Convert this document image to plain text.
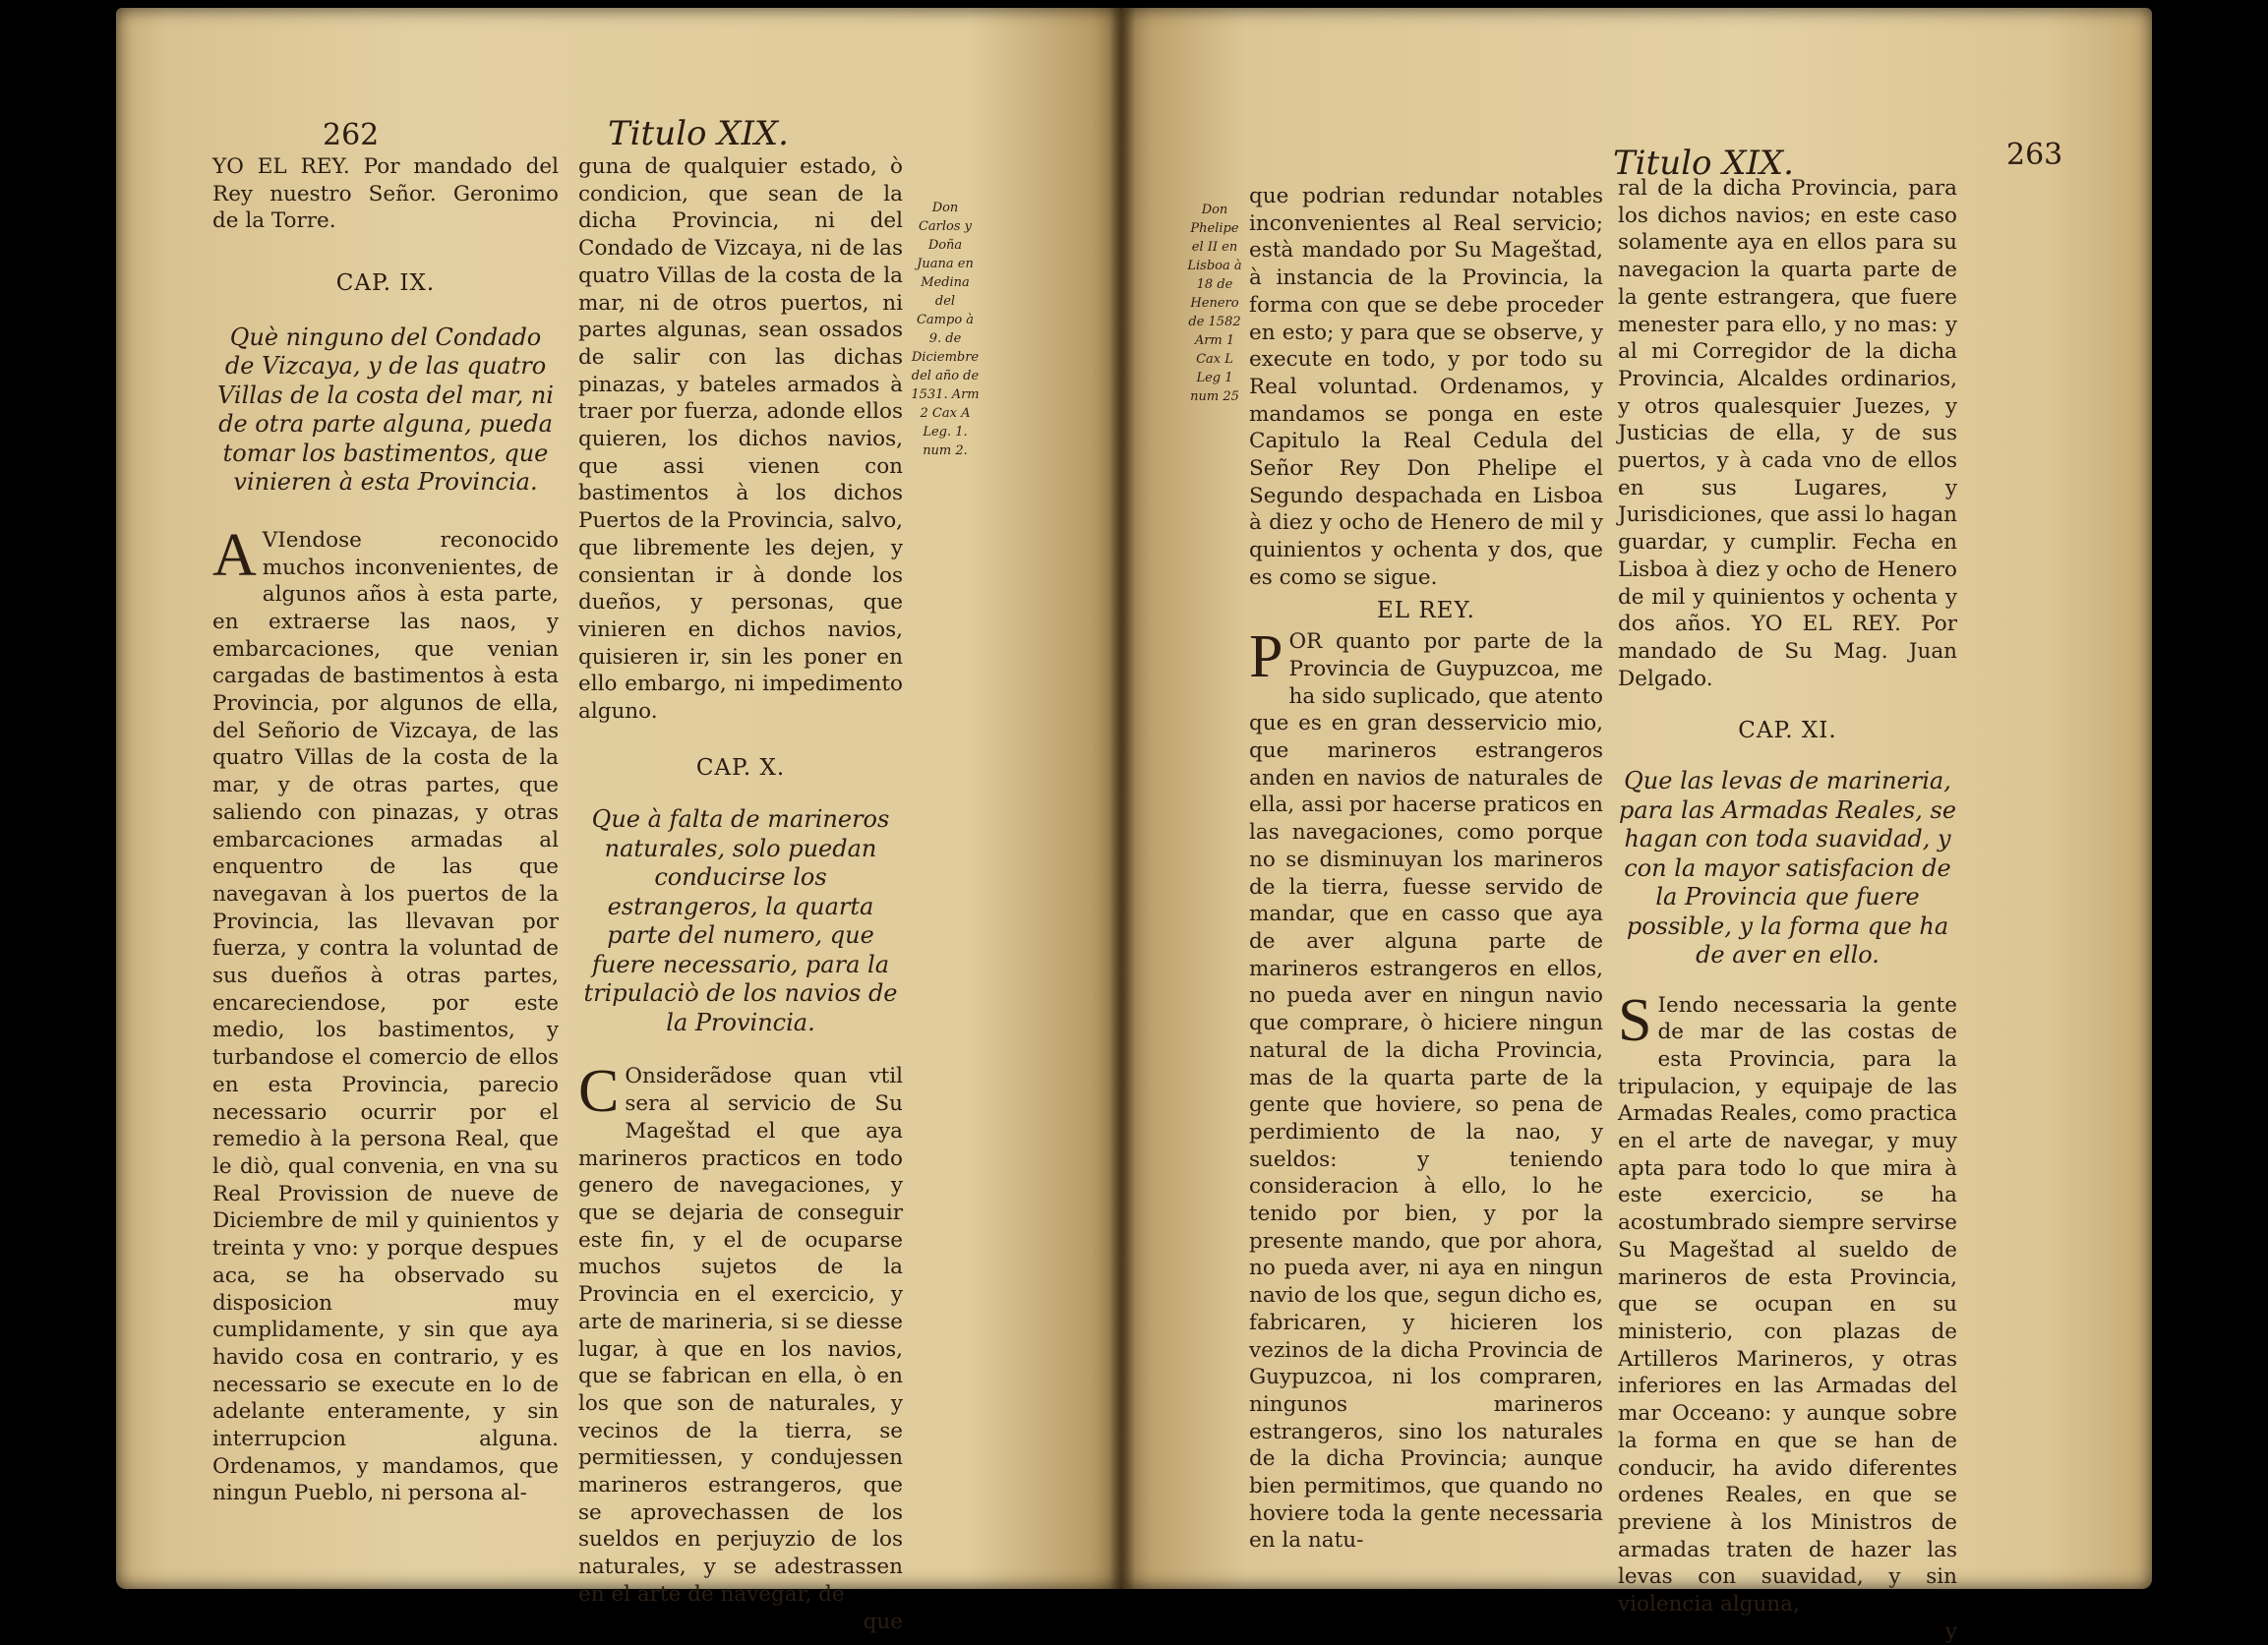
262	Titulo XIX.

YO EL REY. Por mandado del Rey nuestro Señor. Geronimo de la Torre.

CAP. IX.

Què ninguno del Condado de Vizcaya, y de las quatro Villas de la costa del mar, ni de otra parte alguna, pueda tomar los bastimentos, que vinieren à esta Provincia.

A VIendose reconocido muchos inconvenientes, de algunos años à esta parte, en extraerse las naos, y embarcaciones, que venian cargadas de bastimentos à esta Provincia, por algunos de ella, del Señorio de Vizcaya, de las quatro Villas de la costa de la mar, y de otras partes, que saliendo con pinazas, y otras embarcaciones armadas al enquentro de las que navegavan à los puertos de la Provincia, las llevavan por fuerza, y contra la voluntad de sus dueños à otras partes, encareciendose, por este medio, los bastimentos, y turbandose el comercio de ellos en esta Provincia, parecio necessario ocurrir por el remedio à la persona Real, que le diò, qual convenia, en vna su Real Provission de nueve de Diciembre de mil y quinientos y treinta y vno: y porque despues aca, se ha observado su disposicion muy cumplidamente, y sin que aya havido cosa en contrario, y es necessario se execute en lo de adelante enteramente, y sin interrupcion alguna. Ordenamos, y mandamos, que ningun Pueblo, ni persona al-

guna de qualquier estado, ò condicion, que sean de la dicha Provincia, ni del Condado de Vizcaya, ni de las quatro Villas de la costa de la mar, ni de otros puertos, ni partes algunas, sean ossados de salir con las dichas pinazas, y bateles armados à traer por fuerza, adonde ellos quieren, los dichos navios, que assi vienen con bastimentos à los dichos Puertos de la Provincia, salvo, que libremente les dejen, y consientan ir à donde los dueños, y personas, que vinieren en dichos navios, quisieren ir, sin les poner en ello embargo, ni impedimento alguno.

CAP. X.

Que à falta de marineros naturales, solo puedan conducirse los estrangeros, la quarta parte del numero, que fuere necessario, para la tripulaciò de los navios de la Provincia.

C Onsiderãdose quan vtil sera al servicio de Su Mageštad el que aya marineros practicos en todo genero de navegaciones, y que se dejaria de conseguir este fin, y el de ocuparse muchos sujetos de la Provincia en el exercicio, y arte de marineria, si se diesse lugar, à que en los navios, que se fabrican en ella, ò en los que son de naturales, y vecinos de la tierra, se permitiessen, y condujessen marineros estrangeros, que se aprovechassen de los sueldos en perjuyzio de los naturales, y se adestrassen en el arte de navegar, de

que

Don Carlos y Doña Juana en Medina del Campo à 9. de Diciembre del año de 1531. Arm 2 Cax A Leg. 1. num 2.
Titulo XIX.	263
Don Phelipe el II en Lisboa à 18 de Henero de 1582 Arm 1 Cax L Leg 1 num 25

que podrian redundar notables inconvenientes al Real servicio; està mandado por Su Mageštad, à instancia de la Provincia, la forma con que se debe proceder en esto; y para que se observe, y execute en todo, y por todo su Real voluntad. Ordenamos, y mandamos se ponga en este Capitulo la Real Cedula del Señor Rey Don Phelipe el Segundo despachada en Lisboa à diez y ocho de Henero de mil y quinientos y ochenta y dos, que es como se sigue.

EL REY.

POR quanto por parte de la Provincia de Guypuzcoa, me ha sido suplicado, que atento que es en gran desservicio mio, que marineros estrangeros anden en navios de naturales de ella, assi por hacerse praticos en las navegaciones, como porque no se disminuyan los marineros de la tierra, fuesse servido de mandar, que en casso que aya de aver alguna parte de marineros estrangeros en ellos, no pueda aver en ningun navio que comprare, ò hiciere ningun natural de la dicha Provincia, mas de la quarta parte de la gente que hoviere, so pena de perdimiento de la nao, y sueldos: y teniendo consideracion à ello, lo he tenido por bien, y por la presente mando, que por ahora, no pueda aver, ni aya en ningun navio de los que, segun dicho es, fabricaren, y hicieren los vezinos de la dicha Provincia de Guypuzcoa, ni los compraren, ningunos marineros estrangeros, sino los naturales de la dicha Provincia; aunque bien permitimos, que quando no hoviere toda la gente necessaria en la natu-

ral de la dicha Provincia, para los dichos navios; en este caso solamente aya en ellos para su navegacion la quarta parte de la gente estrangera, que fuere menester para ello, y no mas: y al mi Corregidor de la dicha Provincia, Alcaldes ordinarios, y otros qualesquier Juezes, y Justicias de ella, y de sus puertos, y à cada vno de ellos en sus Lugares, y Jurisdiciones, que assi lo hagan guardar, y cumplir. Fecha en Lisboa à diez y ocho de Henero de mil y quinientos y ochenta y dos años. YO EL REY. Por mandado de Su Mag. Juan Delgado.

CAP. XI.

Que las levas de marineria, para las Armadas Reales, se hagan con toda suavidad, y con la mayor satisfacion de la Provincia que fuere possible, y la forma que ha de aver en ello.

S Iendo necessaria la gente de mar de las costas de esta Provincia, para la tripulacion, y equipaje de las Armadas Reales, como practica en el arte de navegar, y muy apta para todo lo que mira à este exercicio, se ha acostumbrado siempre servirse Su Mageštad al sueldo de marineros de esta Provincia, que se ocupan en su ministerio, con plazas de Artilleros Marineros, y otras inferiores en las Armadas del mar Occeano: y aunque sobre la forma en que se han de conducir, ha avido diferentes ordenes Reales, en que se previene à los Ministros de armadas traten de hazer las levas con suavidad, y sin violencia alguna,

y
